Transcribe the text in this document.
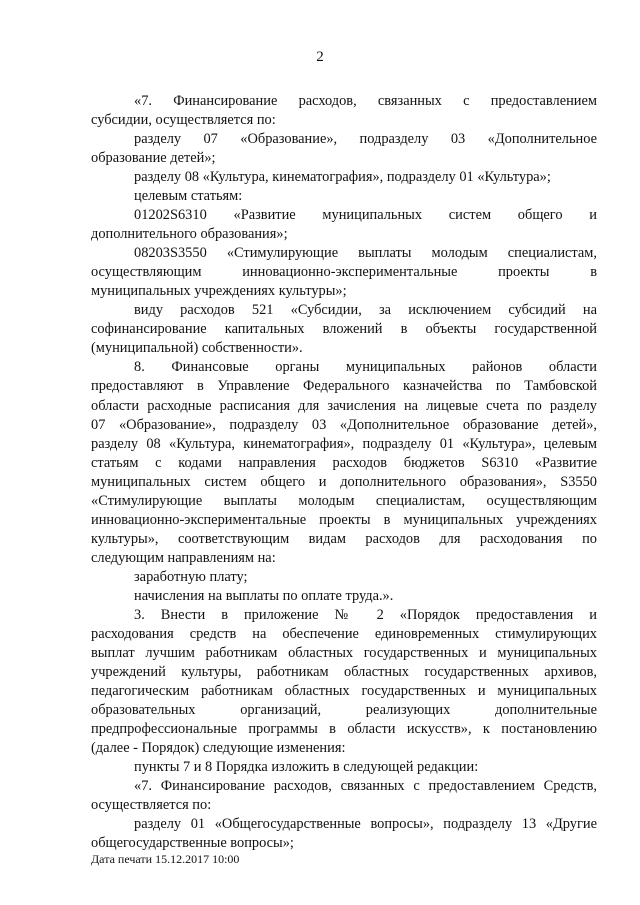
2

«7. Финансирование расходов, связанных с предоставлением

субсидии, осуществляется по:

разделу 07 «Образование», подразделу 03 «Дополнительное

образование детей»;

разделу 08 «Культура, кинематография», подразделу 01 «Культура»;

целевым статьям:

01202S6310 «Развитие муниципальных систем общего и

дополнительного образования»;

08203S3550 «Стимулирующие выплаты молодым специалистам,

осуществляющим инновационно-экспериментальные проекты в

муниципальных учреждениях культуры»;

виду расходов 521 «Субсидии, за исключением субсидий на

софинансирование капитальных вложений в объекты государственной

(муниципальной) собственности».

8. Финансовые органы муниципальных районов области

предоставляют в Управление Федерального казначейства по Тамбовской

области расходные расписания для зачисления на лицевые счета по разделу

07 «Образование», подразделу 03 «Дополнительное образование детей»,

разделу 08 «Культура, кинематография», подразделу 01 «Культура», целевым

статьям с кодами направления расходов бюджетов S6310 «Развитие

муниципальных систем общего и дополнительного образования», S3550

«Стимулирующие выплаты молодым специалистам, осуществляющим

инновационно-экспериментальные проекты в муниципальных учреждениях

культуры», соответствующим видам расходов для расходования по

следующим направлениям на:

заработную плату;

начисления на выплаты по оплате труда.».

3. Внести в приложение № 2 «Порядок предоставления и

расходования средств на обеспечение единовременных стимулирующих

выплат лучшим работникам областных государственных и муниципальных

учреждений культуры, работникам областных государственных архивов,

педагогическим работникам областных государственных и муниципальных

образовательных организаций, реализующих дополнительные

предпрофессиональные программы в области искусств», к постановлению

(далее - Порядок) следующие изменения:

пункты 7 и 8 Порядка изложить в следующей редакции:

«7. Финансирование расходов, связанных с предоставлением Средств,

осуществляется по:

разделу 01 «Общегосударственные вопросы», подразделу 13 «Другие

общегосударственные вопросы»;

Дата печати 15.12.2017 10:00
